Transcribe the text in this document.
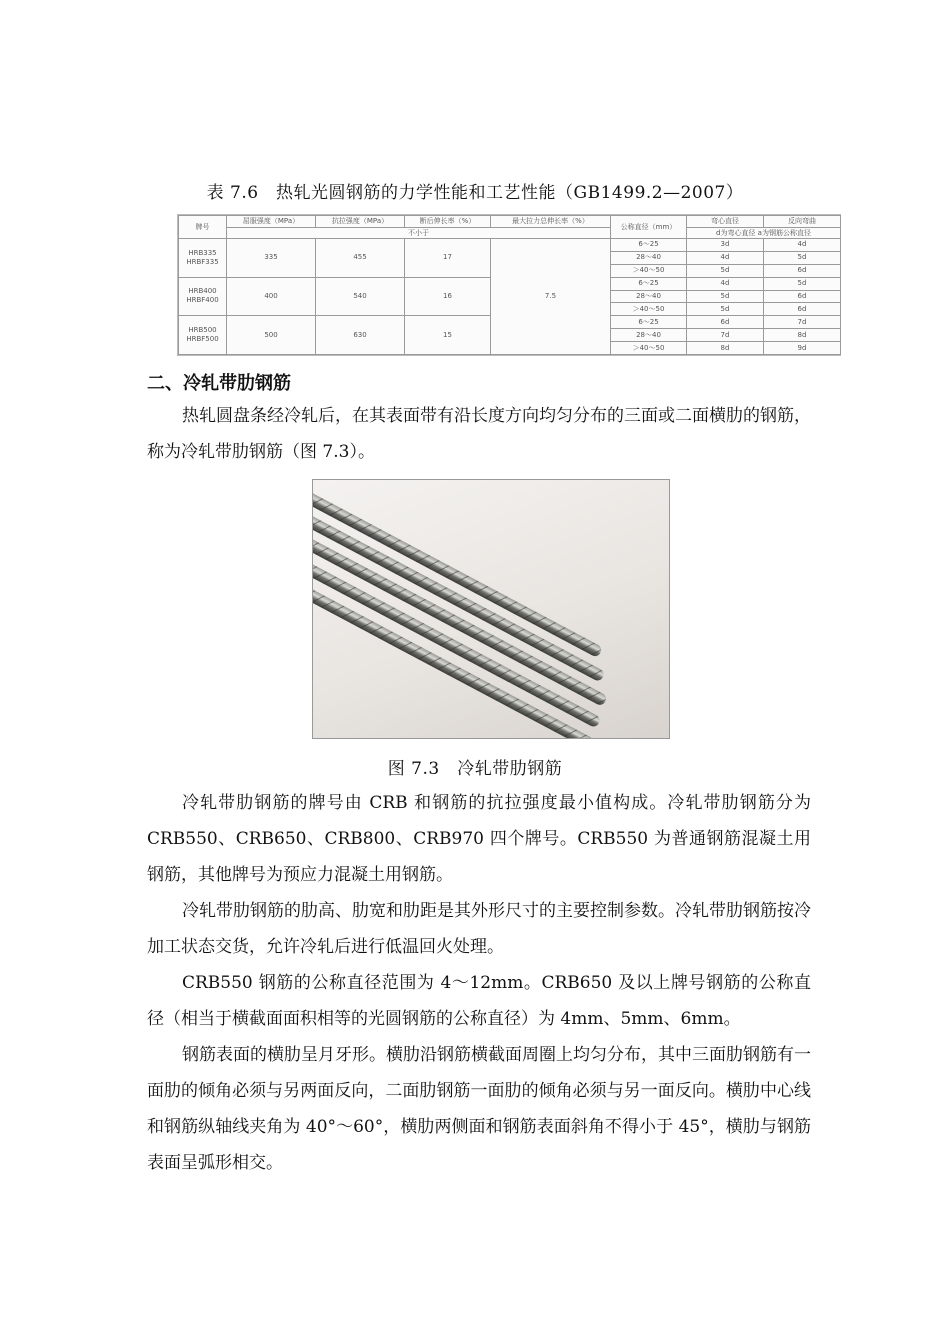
表 7.6　热轧光圆钢筋的力学性能和工艺性能（GB1499.2—2007）
牌号	屈服强度（MPa）	抗拉强度（MPa）	断后伸长率（%）	最大拉力总伸长率（%）	公称直径（mm）	弯心直径	反向弯曲
	不小于					d为弯心直径 a为钢筋公称直径	
HRB335
HRBF335	335	455	17	7.5	6～25	3d	4d
					28～40	4d	5d
					＞40～50	5d	6d
HRB400
HRBF400	400	540	16		6～25	4d	5d
					28～40	5d	6d
					＞40～50	5d	6d
HRB500
HRBF500	500	630	15		6～25	6d	7d
					28～40	7d	8d
					＞40～50	8d	9d
二、冷轧带肋钢筋

热轧圆盘条经冷轧后，在其表面带有沿长度方向均匀分布的三面或二面横肋的钢筋，称为冷轧带肋钢筋（图 7.3）。

图 7.3　冷轧带肋钢筋

冷轧带肋钢筋的牌号由 CRB 和钢筋的抗拉强度最小值构成。冷轧带肋钢筋分为 CRB550、CRB650、CRB800、CRB970 四个牌号。CRB550 为普通钢筋混凝土用钢筋，其他牌号为预应力混凝土用钢筋。

冷轧带肋钢筋的肋高、肋宽和肋距是其外形尺寸的主要控制参数。冷轧带肋钢筋按冷加工状态交货，允许冷轧后进行低温回火处理。

CRB550 钢筋的公称直径范围为 4～12mm。CRB650 及以上牌号钢筋的公称直径（相当于横截面面积相等的光圆钢筋的公称直径）为 4mm、5mm、6mm。

钢筋表面的横肋呈月牙形。横肋沿钢筋横截面周圈上均匀分布，其中三面肋钢筋有一面肋的倾角必须与另两面反向，二面肋钢筋一面肋的倾角必须与另一面反向。横肋中心线和钢筋纵轴线夹角为 40°～60°，横肋两侧面和钢筋表面斜角不得小于 45°，横肋与钢筋表面呈弧形相交。
